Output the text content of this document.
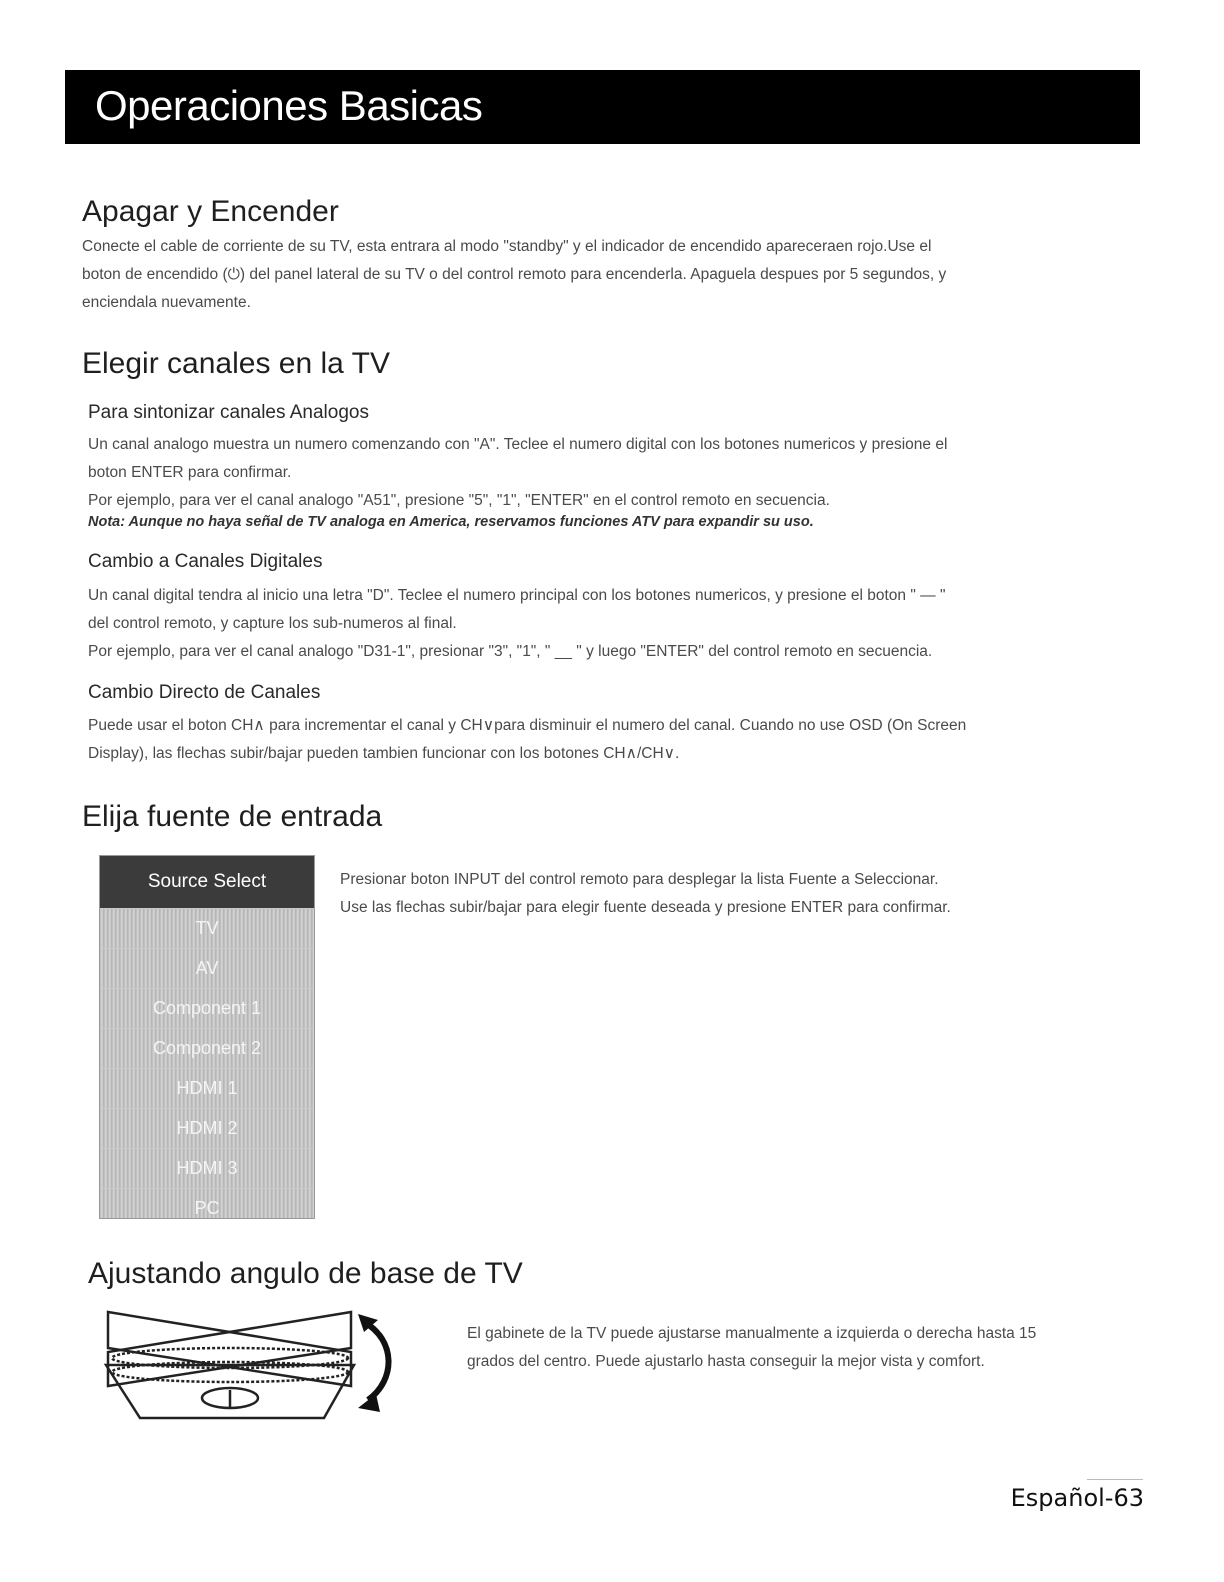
Operaciones Basicas
Apagar y Encender
Conecte el cable de corriente de su TV, esta entrara al modo "standby" y el indicador de encendido apareceraen rojo.Use el
boton de encendido (⏻) del panel lateral de su TV o del control remoto para encenderla. Apaguela despues por 5 segundos, y
enciendala nuevamente.
Elegir canales en la TV
Para sintonizar canales Analogos
Un canal analogo muestra un numero comenzando con "A". Teclee el numero digital con los botones numericos y presione el
boton ENTER para confirmar.
Por ejemplo, para ver el canal analogo "A51", presione "5", "1", "ENTER" en el control remoto en secuencia.
Nota: Aunque no haya señal de TV analoga en America, reservamos funciones ATV para expandir su uso.
Cambio a Canales Digitales
Un canal digital tendra al inicio una letra "D". Teclee el numero principal con los botones numericos, y presione el boton " — "
del control remoto, y capture los sub-numeros al final.
Por ejemplo, para ver el canal analogo "D31-1", presionar "3", "1", " __ " y luego "ENTER" del control remoto en secuencia.
Cambio Directo de Canales
Puede usar el boton CH∧ para incrementar el canal y CH∨para disminuir el numero del canal. Cuando no use OSD (On Screen
Display), las flechas subir/bajar pueden tambien funcionar con los botones CH∧/CH∨.
Elija fuente de entrada
Source Select
TV
AV
Component 1
Component 2
HDMI 1
HDMI 2
HDMI 3
PC
Presionar boton INPUT del control remoto para desplegar la lista Fuente a Seleccionar.
Use las flechas subir/bajar para elegir fuente deseada y presione ENTER para confirmar.
Ajustando angulo de base de TV
El gabinete de la TV puede ajustarse manualmente a izquierda o derecha hasta 15
grados del centro. Puede ajustarlo hasta conseguir la mejor vista y comfort.
Español-63
